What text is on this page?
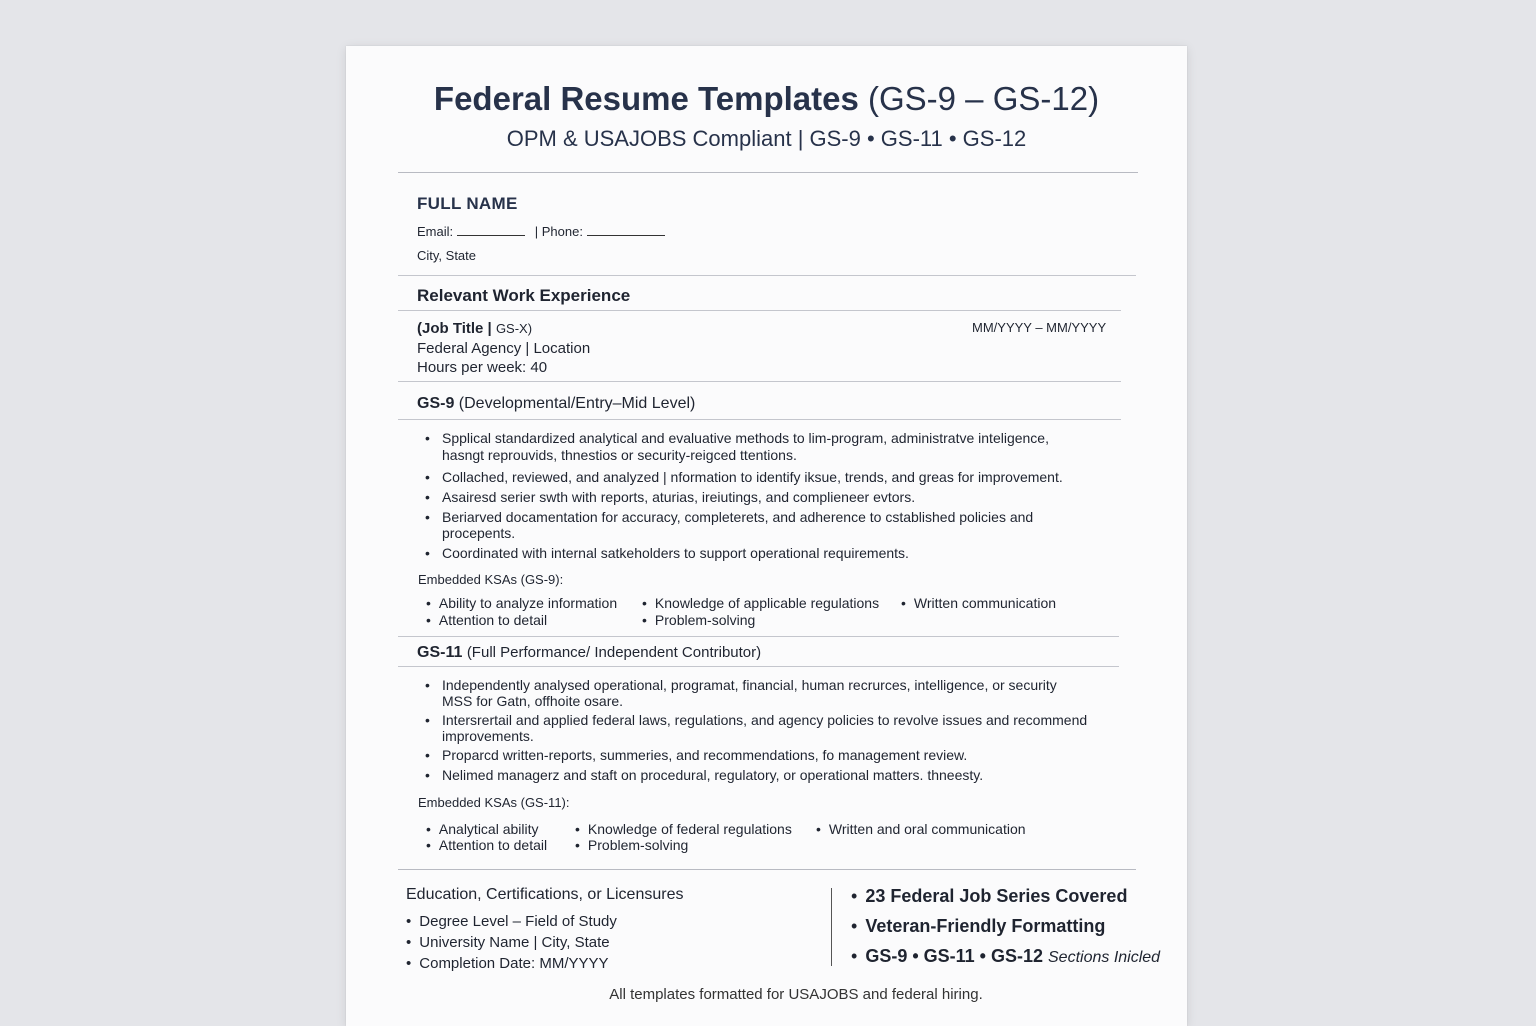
Federal Resume Templates (GS-9 – GS-12)
OPM & USAJOBS Compliant | GS-9 • GS-11 • GS-12
FULL NAME
Email:	| Phone:
City, State
Relevant Work Experience
(Job Title | GS-X)	MM/YYYY – MM/YYYY
Federal Agency | Location
Hours per week: 40
GS-9 (Developmental/Entry–Mid Level)
• Spplical standardized analytical and evaluative methods to lim-program, administratve inteligence,
hasngt reprouvids, thnestios or security-reigced ttentions.
• Collached, reviewed, and analyzed | nformation to identify iksue, trends, and greas for improvement.
• Asairesd serier swth with reports, aturias, ireiutings, and complieneer evtors.
• Beriarved docamentation for accuracy, completerets, and adherence to cstablished policies and
procepents.
• Coordinated with internal satkeholders to support operational requirements.
Embedded KSAs (GS-9):
• Ability to analyze information • Knowledge of applicable regulations • Written communication
• Attention to detail	• Problem-solving
GS-11 (Full Performance/ Independent Contributor)
• Independently analysed operational, programat, financial, human recrurces, intelligence, or security
MSS for Gatn, offhoite osare.
• Intersrertail and applied federal laws, regulations, and agency policies to revolve issues and recommend
improvements.
• Proparcd written-reports, summeries, and recommendations, fo management review.
• Nelimed managerz and staft on procedural, regulatory, or operational matters. thneesty.
Embedded KSAs (GS-11):
• Analytical ability	• Knowledge of federal regulations • Written and oral communication
• Attention to detail • Problem-solving
Education, Certifications, or Licensures
• Degree Level – Field of Study
• University Name | City, State
• Completion Date: MM/YYYY
• 23 Federal Job Series Covered
• Veteran-Friendly Formatting
• GS-9 • GS-11 • GS-12 Sections Inicled
All templates formatted for USAJOBS and federal hiring.
